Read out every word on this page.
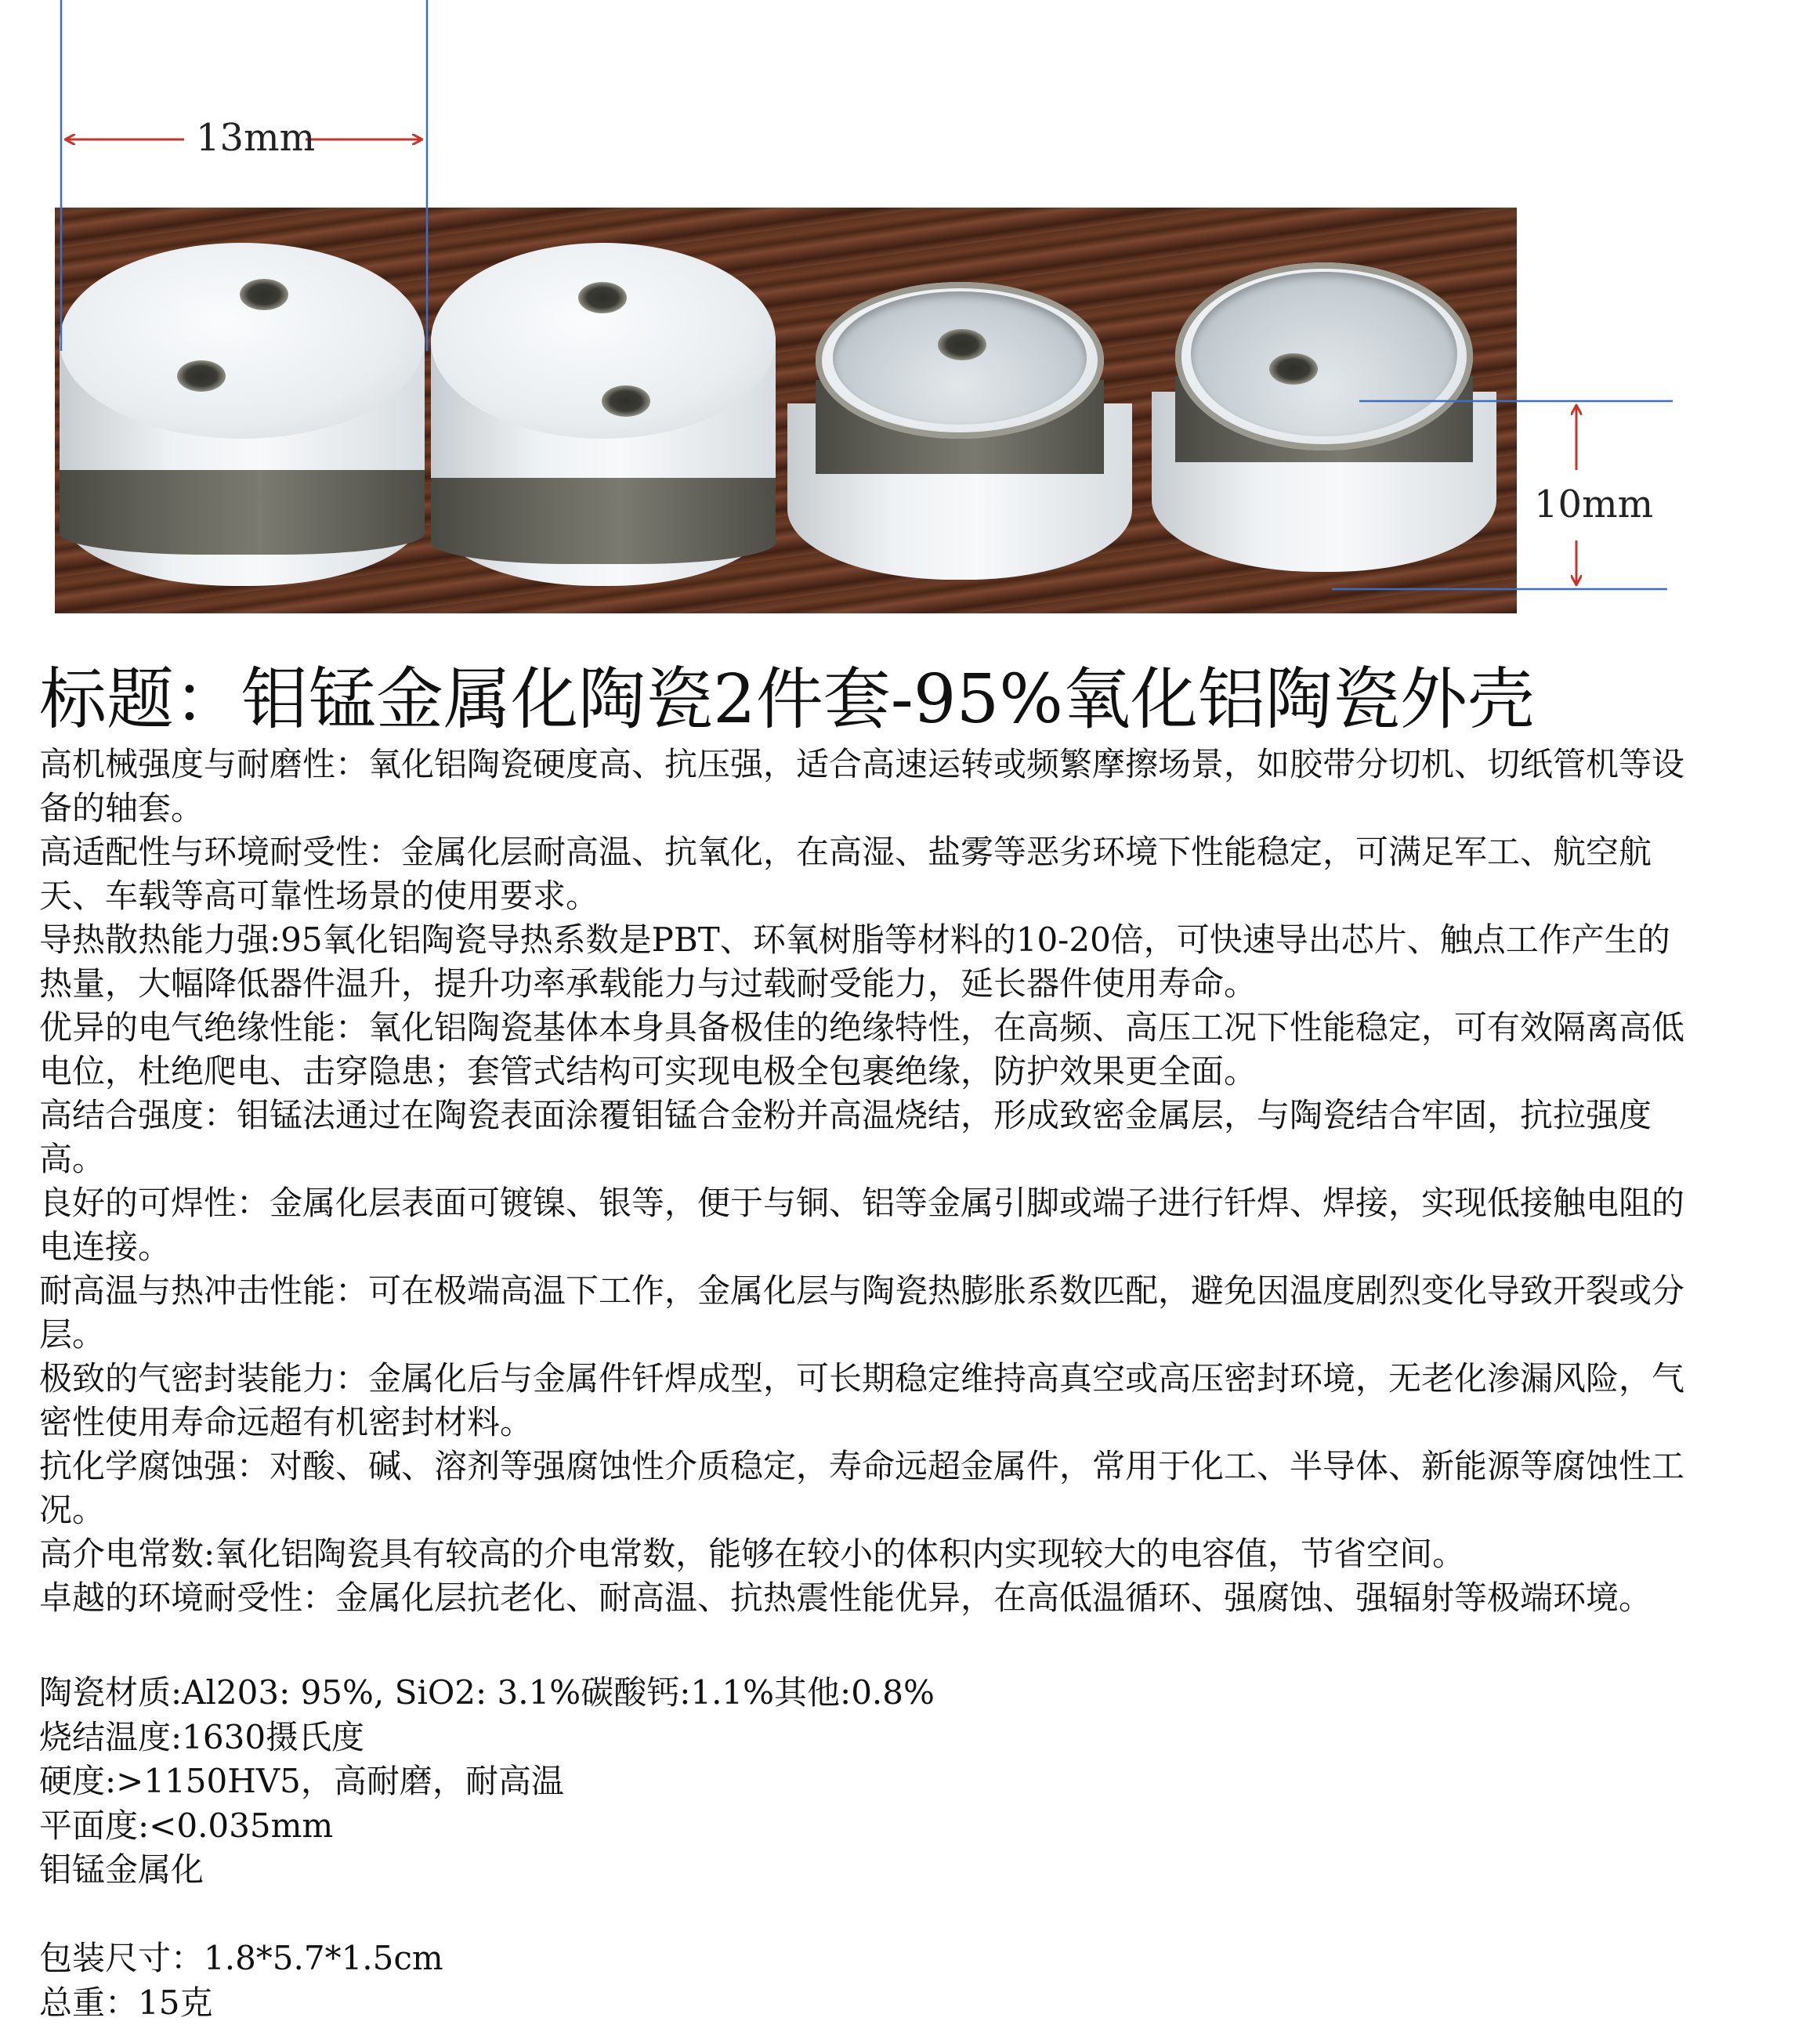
13mm
10mm
标题：钼锰金属化陶瓷2件套-95%氧化铝陶瓷外壳

高机械强度与耐磨性：氧化铝陶瓷硬度高、抗压强，适合高速运转或频繁摩擦场景，如胶带分切机、切纸管机等设备的轴套。

高适配性与环境耐受性：金属化层耐高温、抗氧化，在高湿、盐雾等恶劣环境下性能稳定，可满足军工、航空航天、车载等高可靠性场景的使用要求。

导热散热能力强:95氧化铝陶瓷导热系数是PBT、环氧树脂等材料的10-20倍，可快速导出芯片、触点工作产生的热量，大幅降低器件温升，提升功率承载能力与过载耐受能力，延长器件使用寿命。

优异的电气绝缘性能：氧化铝陶瓷基体本身具备极佳的绝缘特性，在高频、高压工况下性能稳定，可有效隔离高低电位，杜绝爬电、击穿隐患；套管式结构可实现电极全包裹绝缘，防护效果更全面。

高结合强度：钼锰法通过在陶瓷表面涂覆钼锰合金粉并高温烧结，形成致密金属层，与陶瓷结合牢固，抗拉强度高。

良好的可焊性：金属化层表面可镀镍、银等，便于与铜、铝等金属引脚或端子进行钎焊、焊接，实现低接触电阻的电连接。

耐高温与热冲击性能：可在极端高温下工作，金属化层与陶瓷热膨胀系数匹配，避免因温度剧烈变化导致开裂或分层。

极致的气密封装能力：金属化后与金属件钎焊成型，可长期稳定维持高真空或高压密封环境，无老化渗漏风险，气密性使用寿命远超有机密封材料。

抗化学腐蚀强：对酸、碱、溶剂等强腐蚀性介质稳定，寿命远超金属件，常用于化工、半导体、新能源等腐蚀性工况。

高介电常数:氧化铝陶瓷具有较高的介电常数，能够在较小的体积内实现较大的电容值，节省空间。

卓越的环境耐受性：金属化层抗老化、耐高温、抗热震性能优异，在高低温循环、强腐蚀、强辐射等极端环境。

陶瓷材质:Al203: 95%, SiO2: 3.1%碳酸钙:1.1%其他:0.8%
烧结温度:1630摄氏度
硬度:>1150HV5，高耐磨，耐高温
平面度:<0.035mm
钼锰金属化
包装尺寸：1.8*5.7*1.5cm
总重：15克
